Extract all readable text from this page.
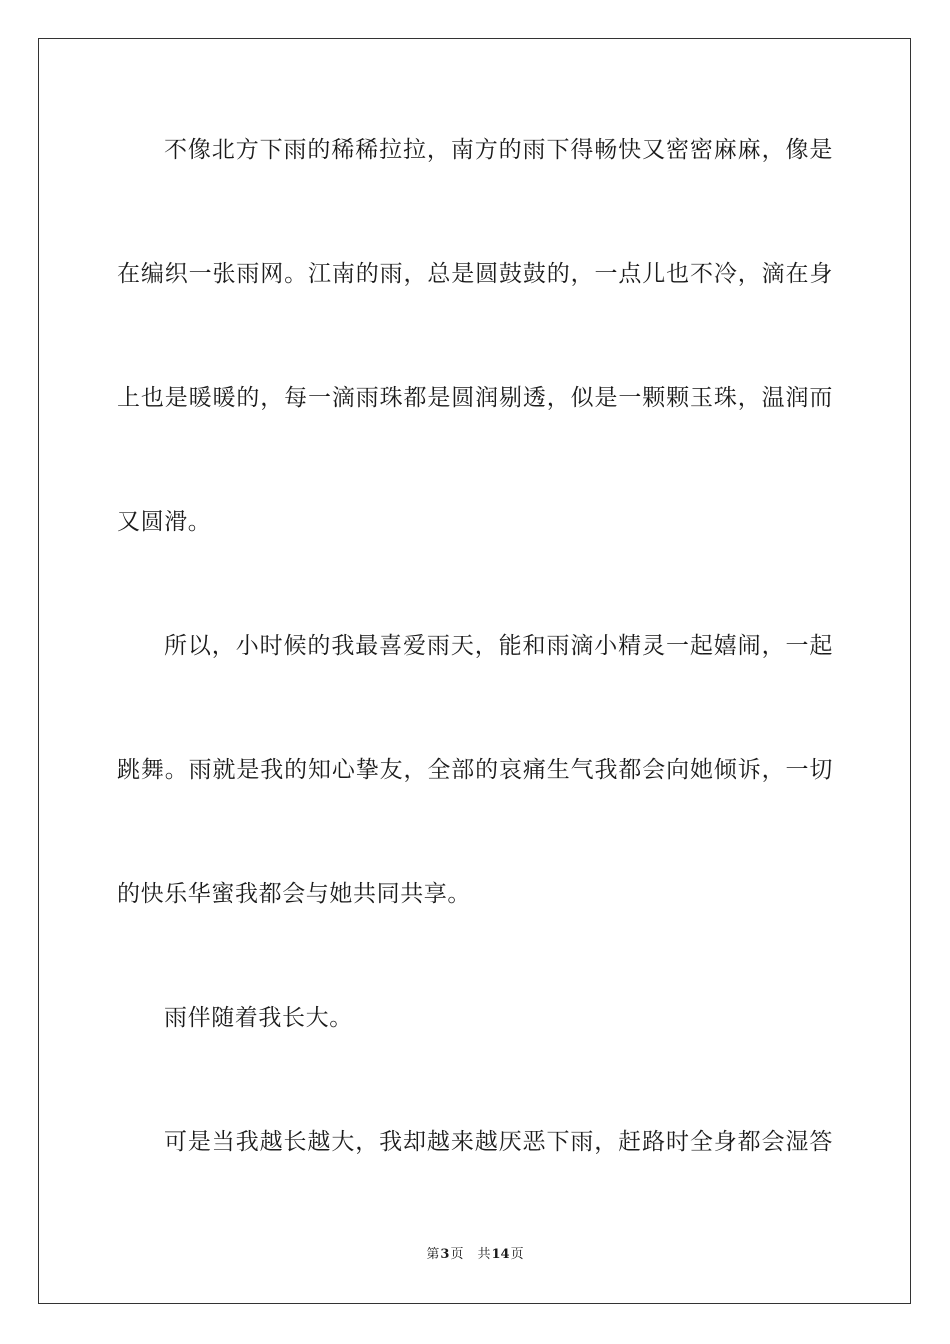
不像北方下雨的稀稀拉拉，南方的雨下得畅快又密密麻麻，像是
在编织一张雨网。江南的雨，总是圆鼓鼓的，一点儿也不冷，滴在身
上也是暖暖的，每一滴雨珠都是圆润剔透，似是一颗颗玉珠，温润而
又圆滑。
所以，小时候的我最喜爱雨天，能和雨滴小精灵一起嬉闹，一起
跳舞。雨就是我的知心挚友，全部的哀痛生气我都会向她倾诉，一切
的快乐华蜜我都会与她共同共享。
雨伴随着我长大。
可是当我越长越大，我却越来越厌恶下雨，赶路时全身都会湿答
第3页 共14页
